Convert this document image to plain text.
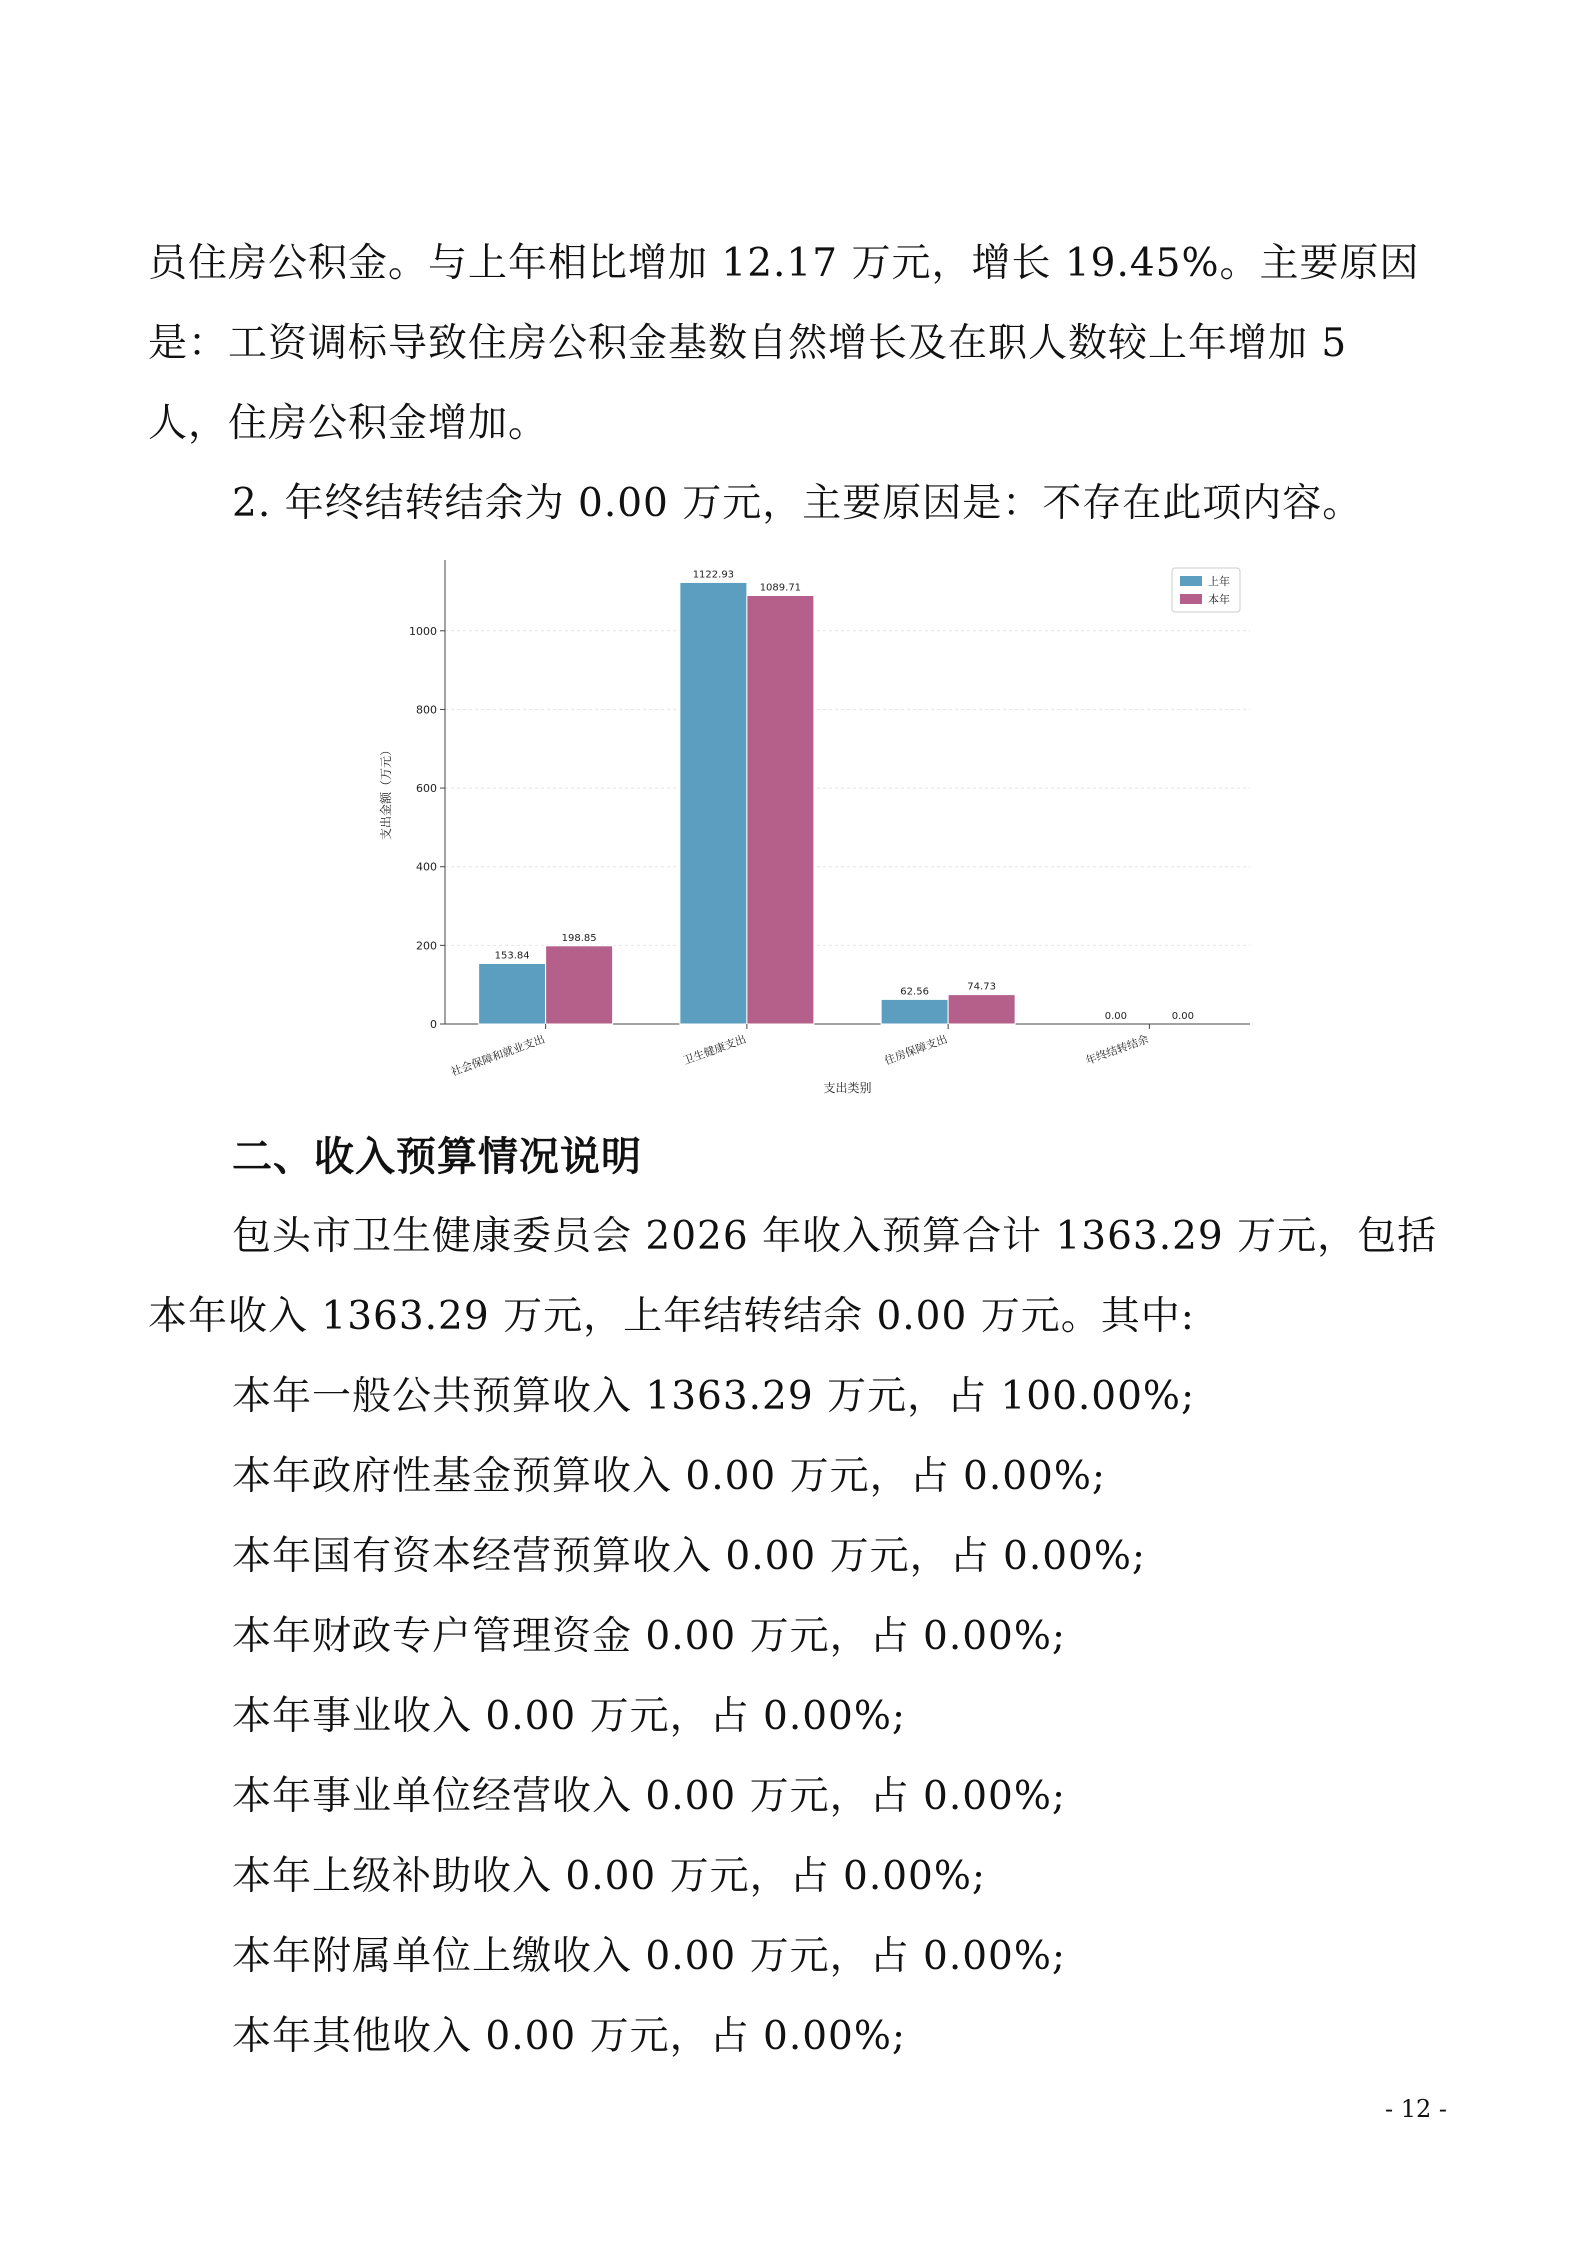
员住房公积金。与上年相比增加 12.17 万元，增长 19.45%。主要原因
是：工资调标导致住房公积金基数自然增长及在职人数较上年增加 5
人，住房公积金增加。
2. 年终结转结余为 0.00 万元，主要原因是：不存在此项内容。
0
200
400
600
800
1000
153.84
198.85
社会保障和就业支出
1122.93
1089.71
卫生健康支出
62.56	74.73
住房保障支出
0.00	0.00
年终结转结余
支出类别
支出金额（万元）
上年
本年
二、收入预算情况说明
包头市卫生健康委员会 2026 年收入预算合计 1363.29 万元，包括
本年收入 1363.29 万元，上年结转结余 0.00 万元。其中:
本年一般公共预算收入 1363.29 万元，占 100.00%;
本年政府性基金预算收入 0.00 万元，占 0.00%;
本年国有资本经营预算收入 0.00 万元，占 0.00%;
本年财政专户管理资金 0.00 万元，占 0.00%;
本年事业收入 0.00 万元，占 0.00%;
本年事业单位经营收入 0.00 万元，占 0.00%;
本年上级补助收入 0.00 万元，占 0.00%;
本年附属单位上缴收入 0.00 万元，占 0.00%;
本年其他收入 0.00 万元，占 0.00%;
- 12 -
